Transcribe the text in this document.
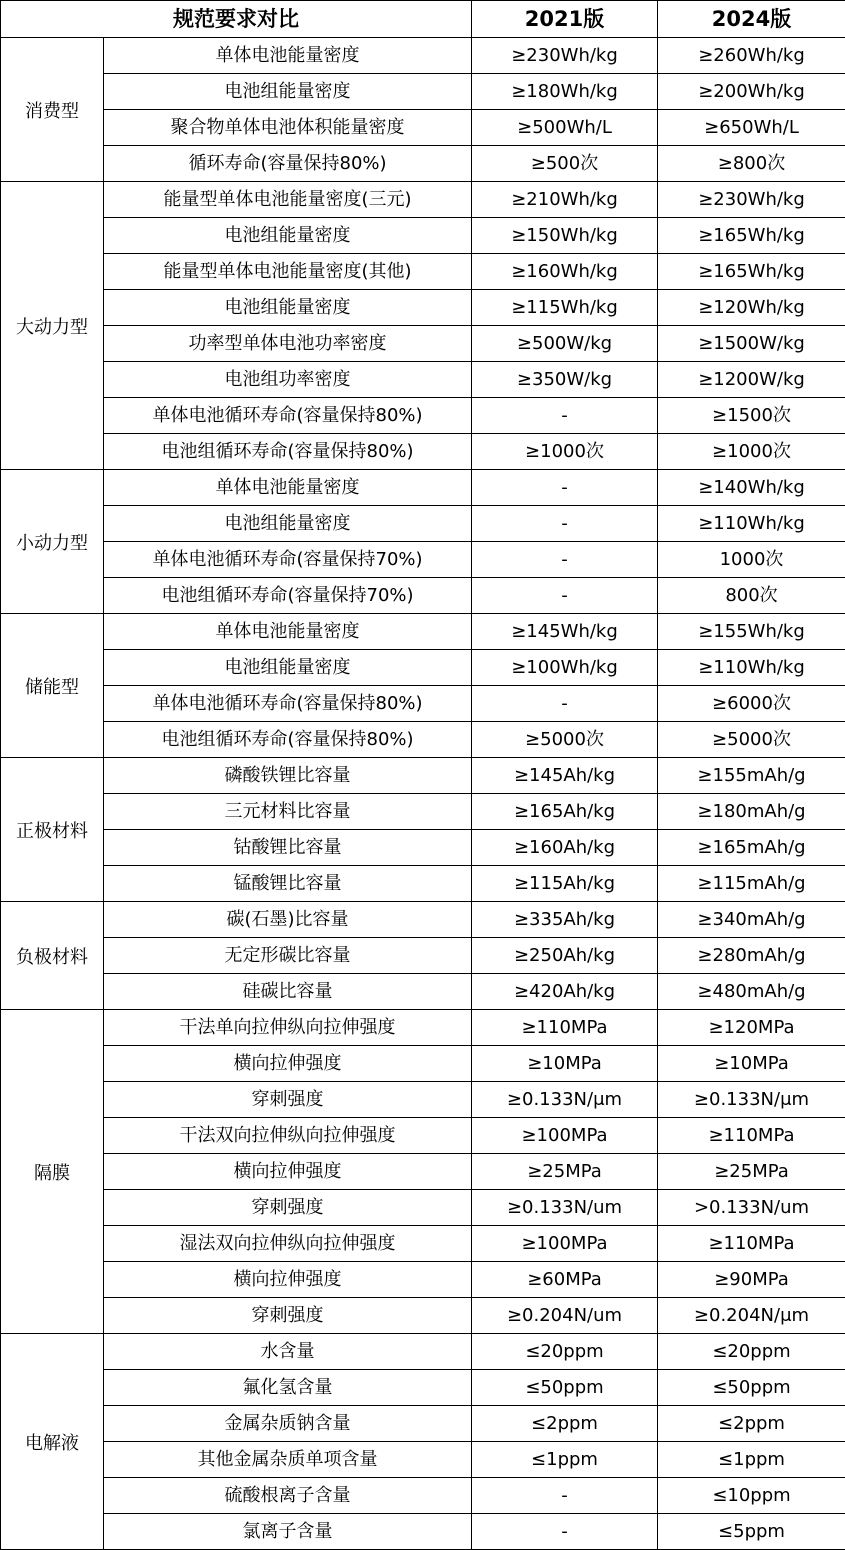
规范要求对比		2021版	2024版
消费型	单体电池能量密度	≥230Wh/kg	≥260Wh/kg
	电池组能量密度	≥180Wh/kg	≥200Wh/kg
	聚合物单体电池体积能量密度	≥500Wh/L	≥650Wh/L
	循环寿命(容量保持80%)	≥500次	≥800次
大动力型	能量型单体电池能量密度(三元)	≥210Wh/kg	≥230Wh/kg
	电池组能量密度	≥150Wh/kg	≥165Wh/kg
	能量型单体电池能量密度(其他)	≥160Wh/kg	≥165Wh/kg
	电池组能量密度	≥115Wh/kg	≥120Wh/kg
	功率型单体电池功率密度	≥500W/kg	≥1500W/kg
	电池组功率密度	≥350W/kg	≥1200W/kg
	单体电池循环寿命(容量保持80%)	-	≥1500次
	电池组循环寿命(容量保持80%)	≥1000次	≥1000次
小动力型	单体电池能量密度	-	≥140Wh/kg
	电池组能量密度	-	≥110Wh/kg
	单体电池循环寿命(容量保持70%)	-	1000次
	电池组循环寿命(容量保持70%)	-	800次
储能型	单体电池能量密度	≥145Wh/kg	≥155Wh/kg
	电池组能量密度	≥100Wh/kg	≥110Wh/kg
	单体电池循环寿命(容量保持80%)	-	≥6000次
	电池组循环寿命(容量保持80%)	≥5000次	≥5000次
正极材料	磷酸铁锂比容量	≥145Ah/kg	≥155mAh/g
	三元材料比容量	≥165Ah/kg	≥180mAh/g
	钴酸锂比容量	≥160Ah/kg	≥165mAh/g
	锰酸锂比容量	≥115Ah/kg	≥115mAh/g
负极材料	碳(石墨)比容量	≥335Ah/kg	≥340mAh/g
	无定形碳比容量	≥250Ah/kg	≥280mAh/g
	硅碳比容量	≥420Ah/kg	≥480mAh/g
隔膜	干法单向拉伸纵向拉伸强度	≥110MPa	≥120MPa
	横向拉伸强度	≥10MPa	≥10MPa
	穿刺强度	≥0.133N/μm	≥0.133N/μm
	干法双向拉伸纵向拉伸强度	≥100MPa	≥110MPa
	横向拉伸强度	≥25MPa	≥25MPa
	穿刺强度	≥0.133N/um	>0.133N/um
	湿法双向拉伸纵向拉伸强度	≥100MPa	≥110MPa
	横向拉伸强度	≥60MPa	≥90MPa
	穿刺强度	≥0.204N/um	≥0.204N/μm
电解液	水含量	≤20ppm	≤20ppm
	氟化氢含量	≤50ppm	≤50ppm
	金属杂质钠含量	≤2ppm	≤2ppm
	其他金属杂质单项含量	≤1ppm	≤1ppm
	硫酸根离子含量	-	≤10ppm
	氯离子含量	-	≤5ppm
